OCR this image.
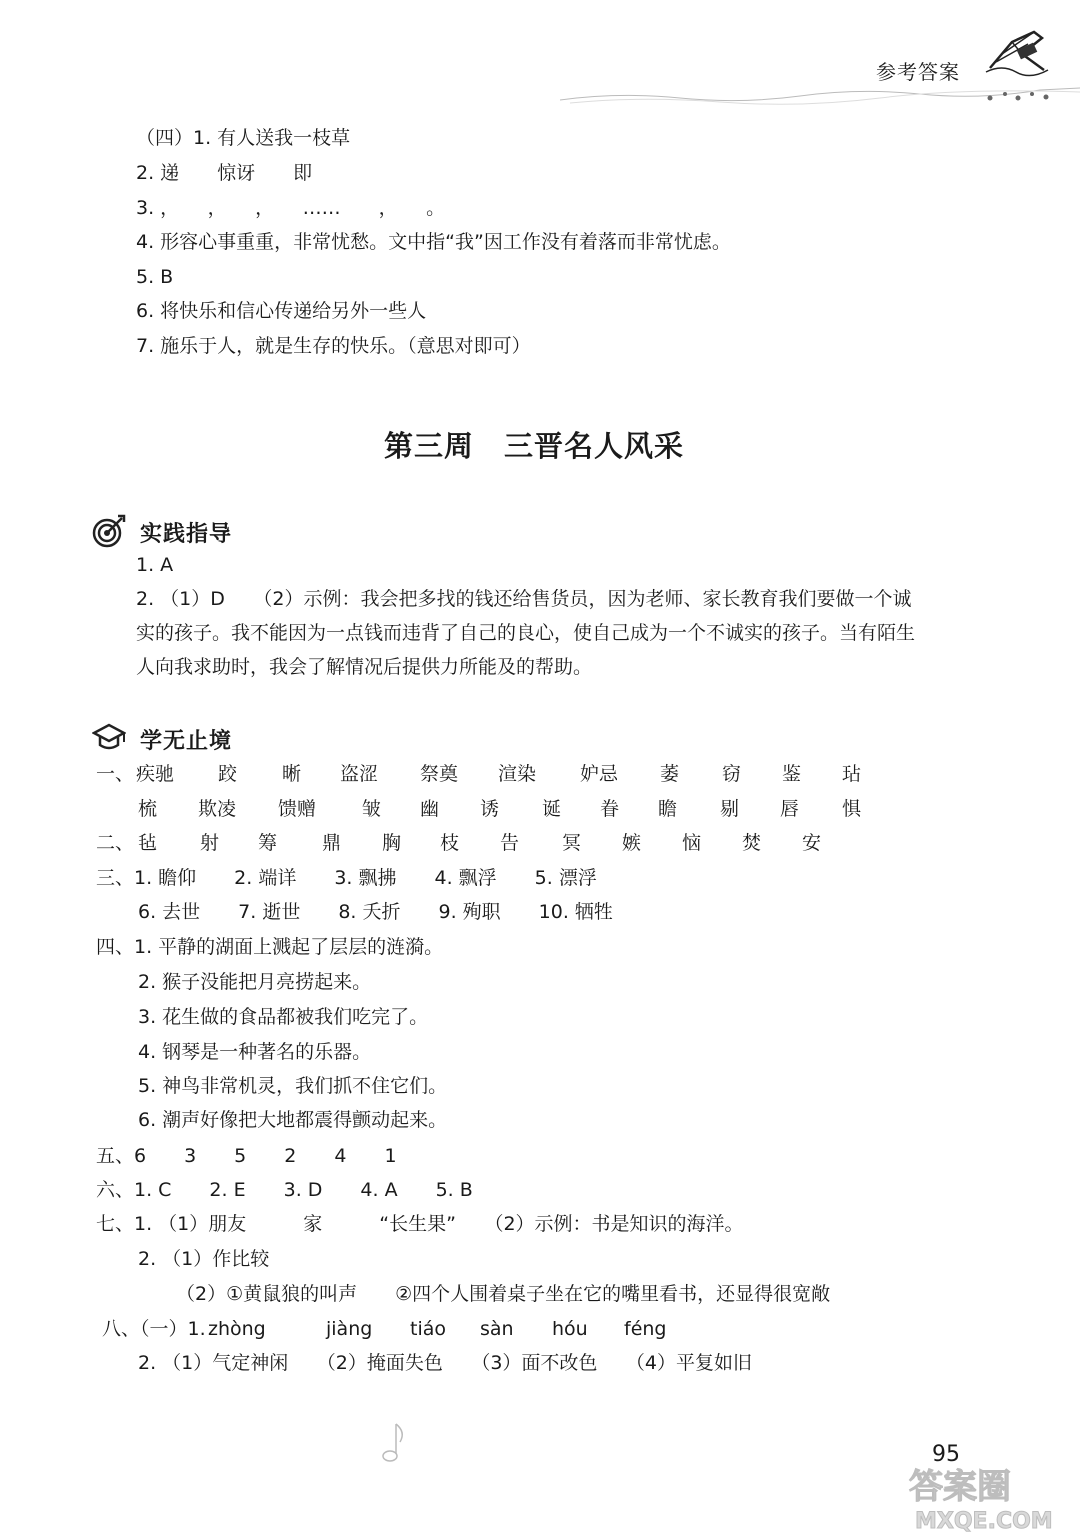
参考答案
（四）1. 有人送我一枝草
2. 递　　惊讶　　即
3. ，　　，　　，　　……　　，　　。
4. 形容心事重重，非常忧愁。文中指“我”因工作没有着落而非常忧虑。
5. B
6. 将快乐和信心传递给另外一些人
7. 施乐于人，就是生存的快乐。（意思对即可）
第三周　三晋名人风采
实践指导
1. A
2. （1）D　　（2）示例：我会把多找的钱还给售货员，因为老师、家长教育我们要做一个诚
实的孩子。我不能因为一点钱而违背了自己的良心，使自己成为一个不诚实的孩子。当有陌生
人向我求助时，我会了解情况后提供力所能及的帮助。
学无止境
一、 疾驰 跤 晰 盗涩 祭奠 渲染 妒忌 萎 窃 鉴 玷
梳 欺凌 馈赠 皱 幽 诱 诞 眷 瞻 剔 唇 惧
二、 毡 射 筹 鼎 胸 枝 告 冥 嫉 恼 焚 安
三、1. 瞻仰　　2. 端详　　3. 飘拂　　4. 飘浮　　5. 漂浮
6. 去世　　7. 逝世　　8. 夭折　　9. 殉职　　10. 牺牲
四、1. 平静的湖面上溅起了层层的涟漪。
2. 猴子没能把月亮捞起来。
3. 花生做的食品都被我们吃完了。
4. 钢琴是一种著名的乐器。
5. 神鸟非常机灵，我们抓不住它们。
6. 潮声好像把大地都震得颤动起来。
五、6　　3　　5　　2　　4　　1
六、1. C　　2. E　　3. D　　4. A　　5. B
七、1. （1）朋友　　　家　　　“长生果”　　（2）示例：书是知识的海洋。
2. （1）作比较
（2）①黄鼠狼的叫声　　②四个人围着桌子坐在它的嘴里看书，还显得很宽敞
八、（一）1. zhòng	jiàng tiáo sàn hóu féng
2. （1）气定神闲　　（2）掩面失色　　（3）面不改色　　（4）平复如旧
95
答案圈
MXQE.COM
